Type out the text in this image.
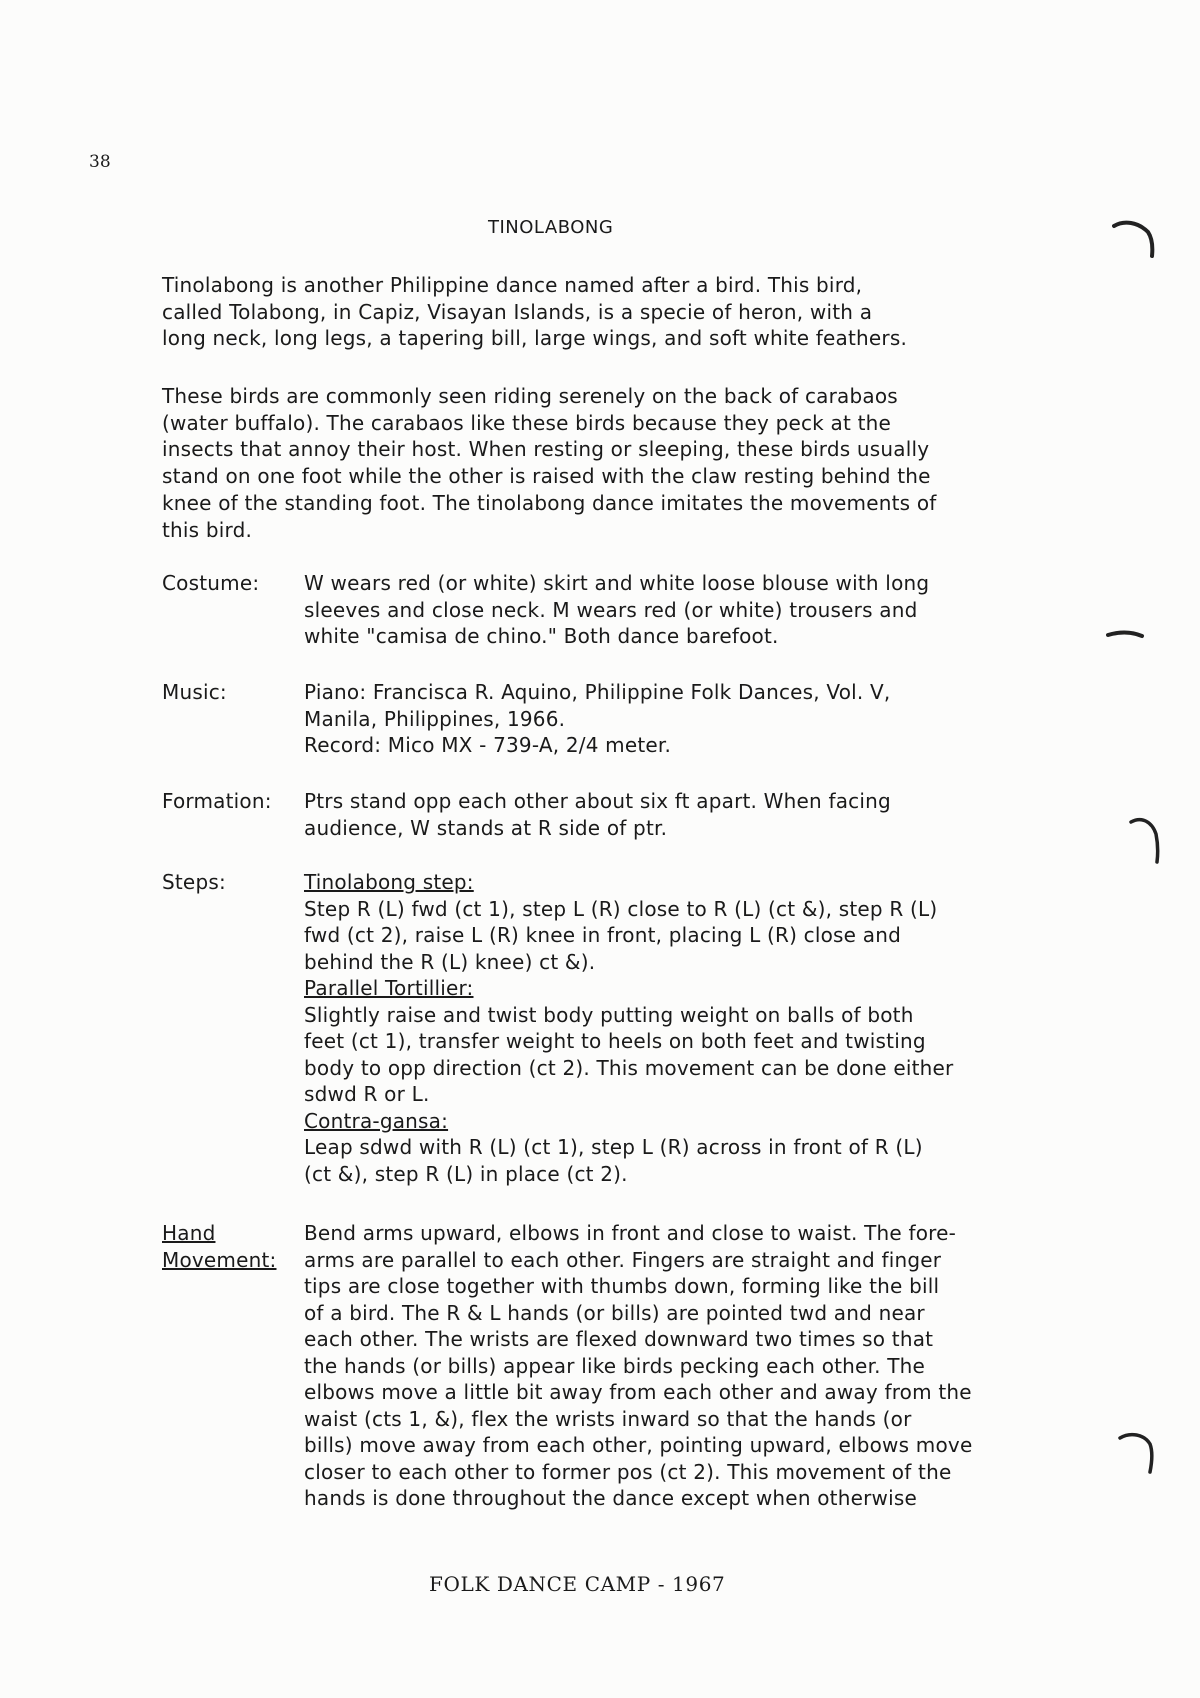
38
TINOLABONG

Tinolabong is another Philippine dance named after a bird. This bird,

called Tolabong, in Capiz, Visayan Islands, is a specie of heron, with a

long neck, long legs, a tapering bill, large wings, and soft white feathers.

These birds are commonly seen riding serenely on the back of carabaos

(water buffalo). The carabaos like these birds because they peck at the

insects that annoy their host. When resting or sleeping, these birds usually

stand on one foot while the other is raised with the claw resting behind the

knee of the standing foot. The tinolabong dance imitates the movements of

this bird.

Costume:	W wears red (or white) skirt and white loose blouse with long

sleeves and close neck. M wears red (or white) trousers and

white "camisa de chino." Both dance barefoot.

Music:	Piano: Francisca R. Aquino, Philippine Folk Dances, Vol. V,

Manila, Philippines, 1966.

Record: Mico MX - 739-A, 2/4 meter.

Formation:	Ptrs stand opp each other about six ft apart. When facing

audience, W stands at R side of ptr.

Steps:	Tinolabong step:

Step R (L) fwd (ct 1), step L (R) close to R (L) (ct &), step R (L)

fwd (ct 2), raise L (R) knee in front, placing L (R) close and

behind the R (L) knee) ct &).

Parallel Tortillier:

Slightly raise and twist body putting weight on balls of both

feet (ct 1), transfer weight to heels on both feet and twisting

body to opp direction (ct 2). This movement can be done either

sdwd R or L.

Contra-gansa:

Leap sdwd with R (L) (ct 1), step L (R) across in front of R (L)

(ct &), step R (L) in place (ct 2).

Hand
Movement:

Bend arms upward, elbows in front and close to waist. The fore-

arms are parallel to each other. Fingers are straight and finger

tips are close together with thumbs down, forming like the bill

of a bird. The R & L hands (or bills) are pointed twd and near

each other. The wrists are flexed downward two times so that

the hands (or bills) appear like birds pecking each other. The

elbows move a little bit away from each other and away from the

waist (cts 1, &), flex the wrists inward so that the hands (or

bills) move away from each other, pointing upward, elbows move

closer to each other to former pos (ct 2). This movement of the

hands is done throughout the dance except when otherwise

FOLK DANCE CAMP - 1967
